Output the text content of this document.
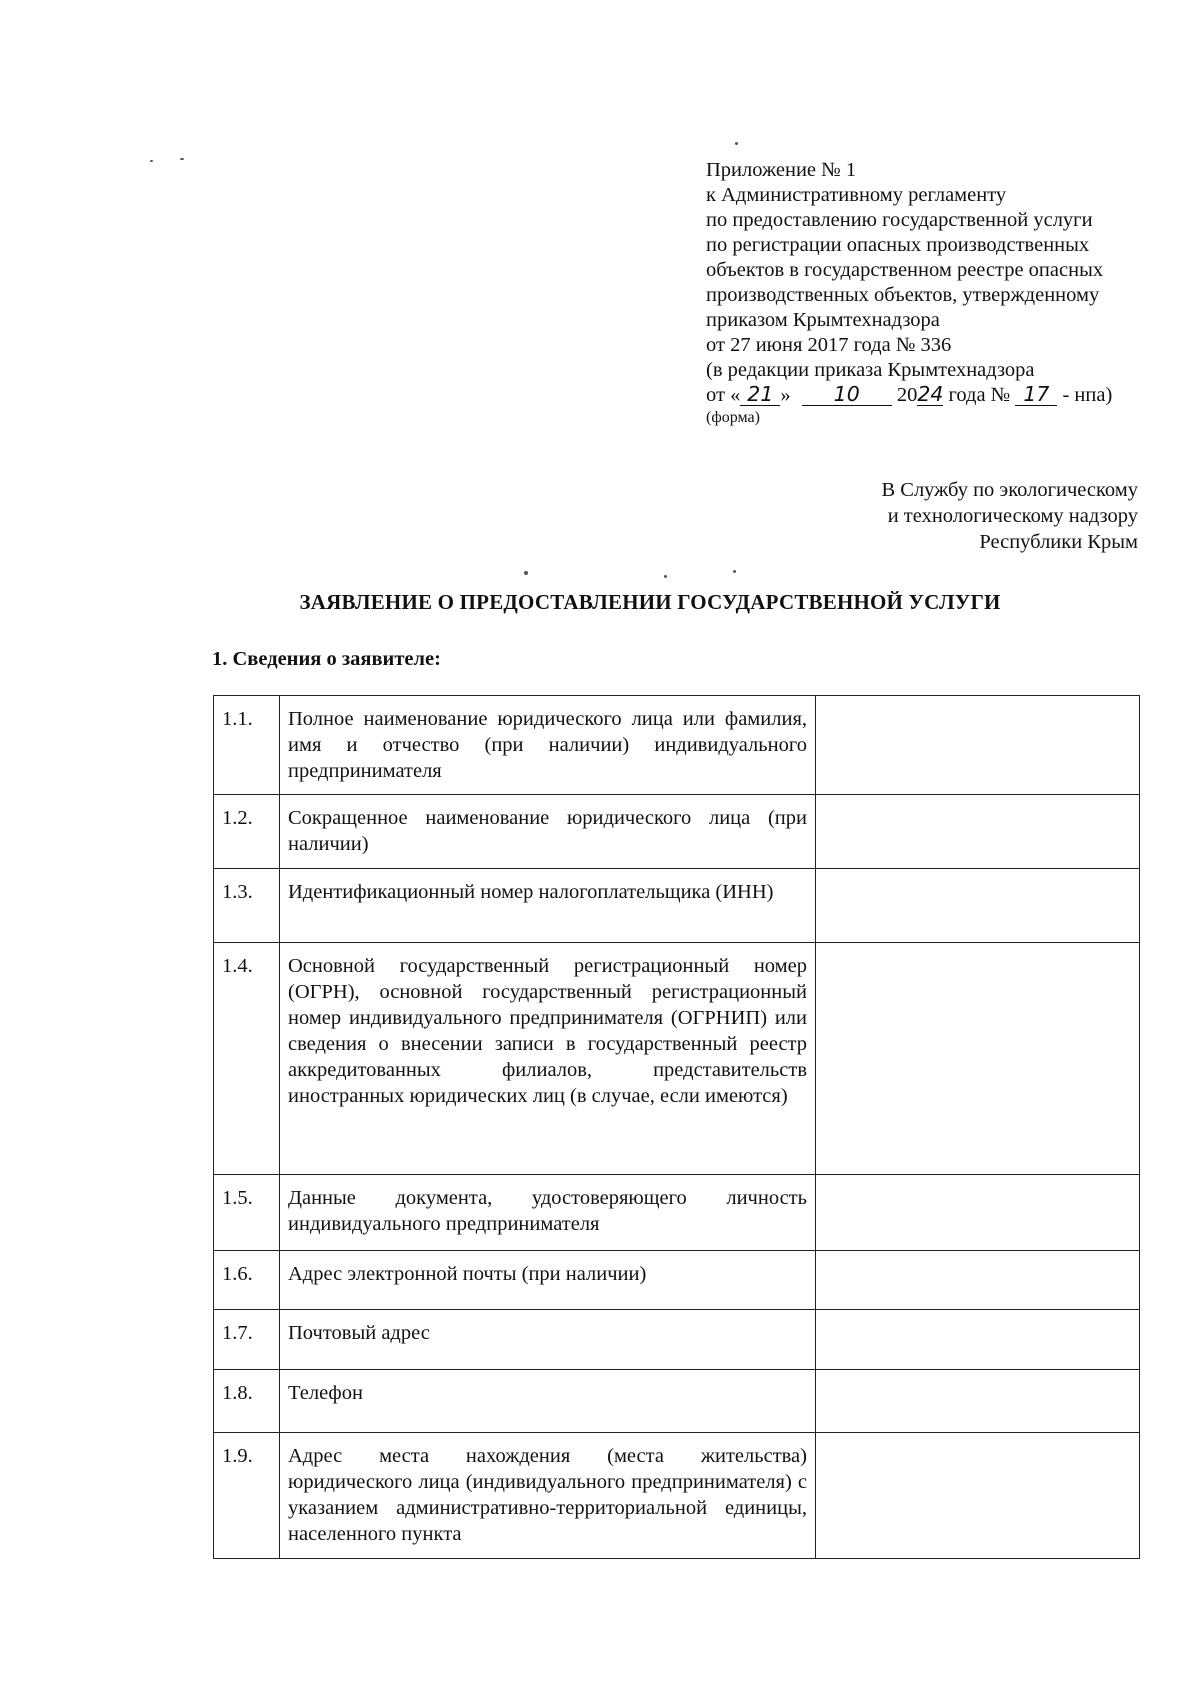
Приложение № 1
к Административному регламенту
по предоставлению государственной услуги
по регистрации опасных производственных
объектов в государственном реестре опасных
производственных объектов, утвержденному
приказом Крымтехнадзора
от 27 июня 2017 года № 336
(в редакции приказа Крымтехнадзора
от « 21 » 10 2024 года № 17 - нпа)
(форма)
В Службу по экологическому
и технологическому надзору
Республики Крым
ЗАЯВЛЕНИЕ О ПРЕДОСТАВЛЕНИИ ГОСУДАРСТВЕННОЙ УСЛУГИ
1. Сведения о заявителе:
1.1.	Полное наименование юридического лица или фамилия, имя и отчество (при наличии) индивидуального предпринимателя	
1.2.	Сокращенное наименование юридического лица (при наличии)	
1.3.	Идентификационный номер налогоплательщика (ИНН)	
1.4.	Основной государственный регистрационный номер (ОГРН), основной государственный регистрационный номер индивидуального предпринимателя (ОГРНИП) или сведения о внесении записи в государственный реестр аккредитованных филиалов, представительств иностранных юридических лиц (в случае, если имеются)	
1.5.	Данные документа, удостоверяющего личность индивидуального предпринимателя	
1.6.	Адрес электронной почты (при наличии)	
1.7.	Почтовый адрес	
1.8.	Телефон	
1.9.	Адрес места нахождения (места жительства) юридического лица (индивидуального предпринимателя) с указанием административно-территориальной единицы, населенного пункта	
